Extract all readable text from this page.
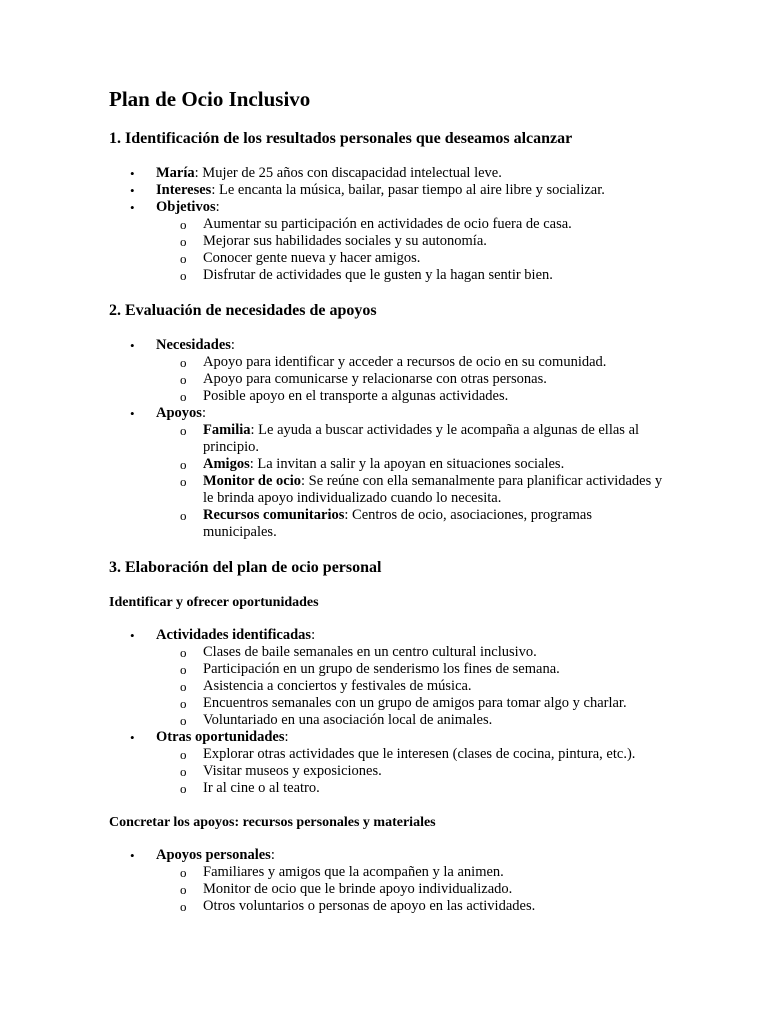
Plan de Ocio Inclusivo
1. Identificación de los resultados personales que deseamos alcanzar
• María: Mujer de 25 años con discapacidad intelectual leve.
• Intereses: Le encanta la música, bailar, pasar tiempo al aire libre y socializar.
• Objetivos:
o Aumentar su participación en actividades de ocio fuera de casa.
o Mejorar sus habilidades sociales y su autonomía.
o Conocer gente nueva y hacer amigos.
o Disfrutar de actividades que le gusten y la hagan sentir bien.
2. Evaluación de necesidades de apoyos
• Necesidades:
o Apoyo para identificar y acceder a recursos de ocio en su comunidad.
o Apoyo para comunicarse y relacionarse con otras personas.
o Posible apoyo en el transporte a algunas actividades.
• Apoyos:
o Familia: Le ayuda a buscar actividades y le acompaña a algunas de ellas al principio.
o Amigos: La invitan a salir y la apoyan en situaciones sociales.
o Monitor de ocio: Se reúne con ella semanalmente para planificar actividades y le brinda apoyo individualizado cuando lo necesita.
o Recursos comunitarios: Centros de ocio, asociaciones, programas municipales.
3. Elaboración del plan de ocio personal
Identificar y ofrecer oportunidades
• Actividades identificadas:
o Clases de baile semanales en un centro cultural inclusivo.
o Participación en un grupo de senderismo los fines de semana.
o Asistencia a conciertos y festivales de música.
o Encuentros semanales con un grupo de amigos para tomar algo y charlar.
o Voluntariado en una asociación local de animales.
• Otras oportunidades:
o Explorar otras actividades que le interesen (clases de cocina, pintura, etc.).
o Visitar museos y exposiciones.
o Ir al cine o al teatro.
Concretar los apoyos: recursos personales y materiales
• Apoyos personales:
o Familiares y amigos que la acompañen y la animen.
o Monitor de ocio que le brinde apoyo individualizado.
o Otros voluntarios o personas de apoyo en las actividades.
